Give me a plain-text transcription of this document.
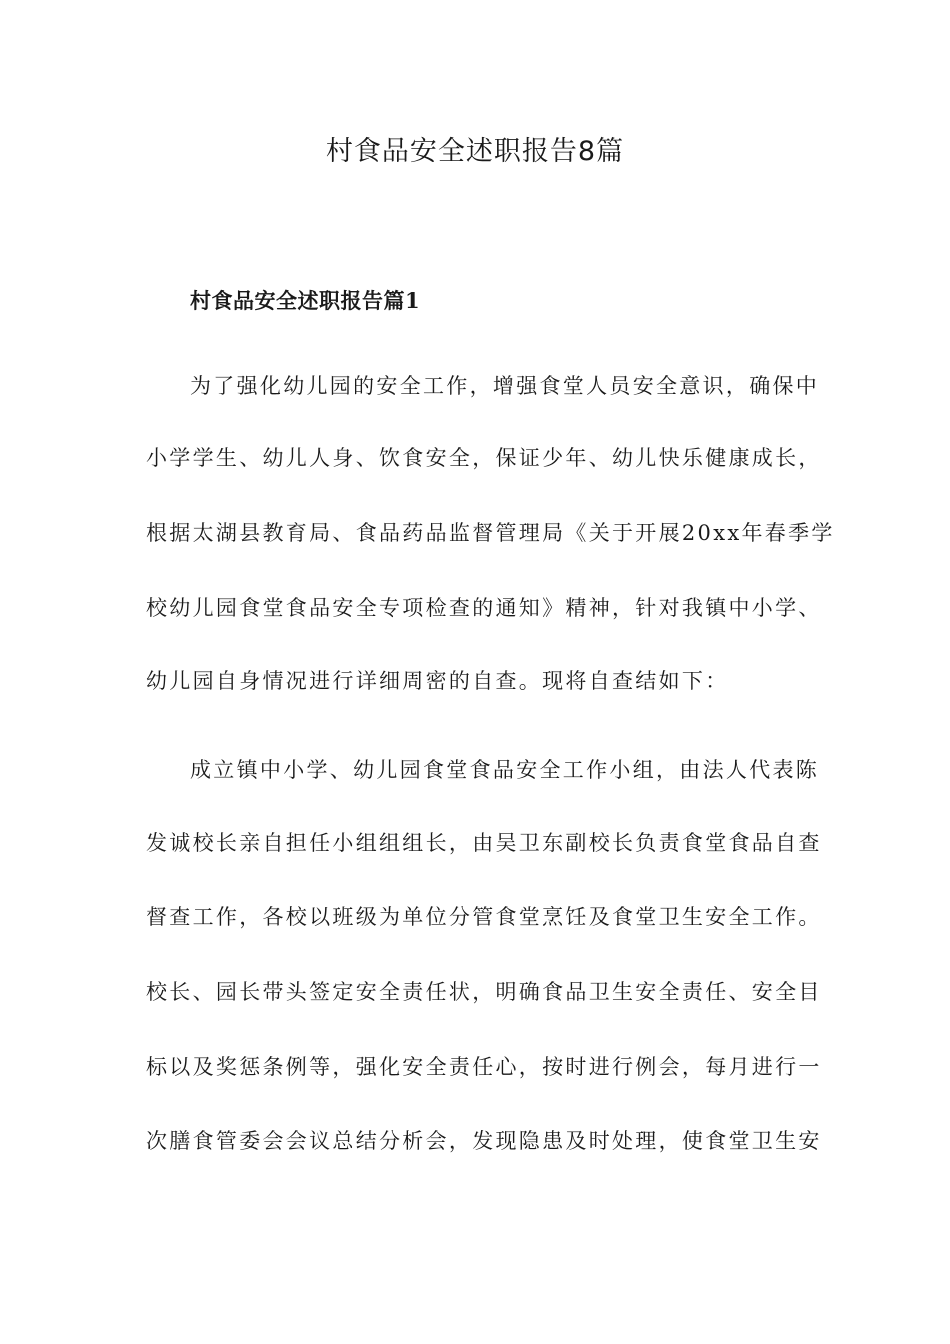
村食品安全述职报告8篇
村食品安全述职报告篇1

为了强化幼儿园的安全工作，增强食堂人员安全意识，确保中

小学学生、幼儿人身、饮食安全，保证少年、幼儿快乐健康成长，

根据太湖县教育局、食品药品监督管理局《关于开展20xx年春季学

校幼儿园食堂食品安全专项检查的通知》精神，针对我镇中小学、

幼儿园自身情况进行详细周密的自查。现将自查结如下：

成立镇中小学、幼儿园食堂食品安全工作小组，由法人代表陈

发诚校长亲自担任小组组组长，由吴卫东副校长负责食堂食品自查

督查工作，各校以班级为单位分管食堂烹饪及食堂卫生安全工作。

校长、园长带头签定安全责任状，明确食品卫生安全责任、安全目

标以及奖惩条例等，强化安全责任心，按时进行例会，每月进行一

次膳食管委会会议总结分析会，发现隐患及时处理，使食堂卫生安
